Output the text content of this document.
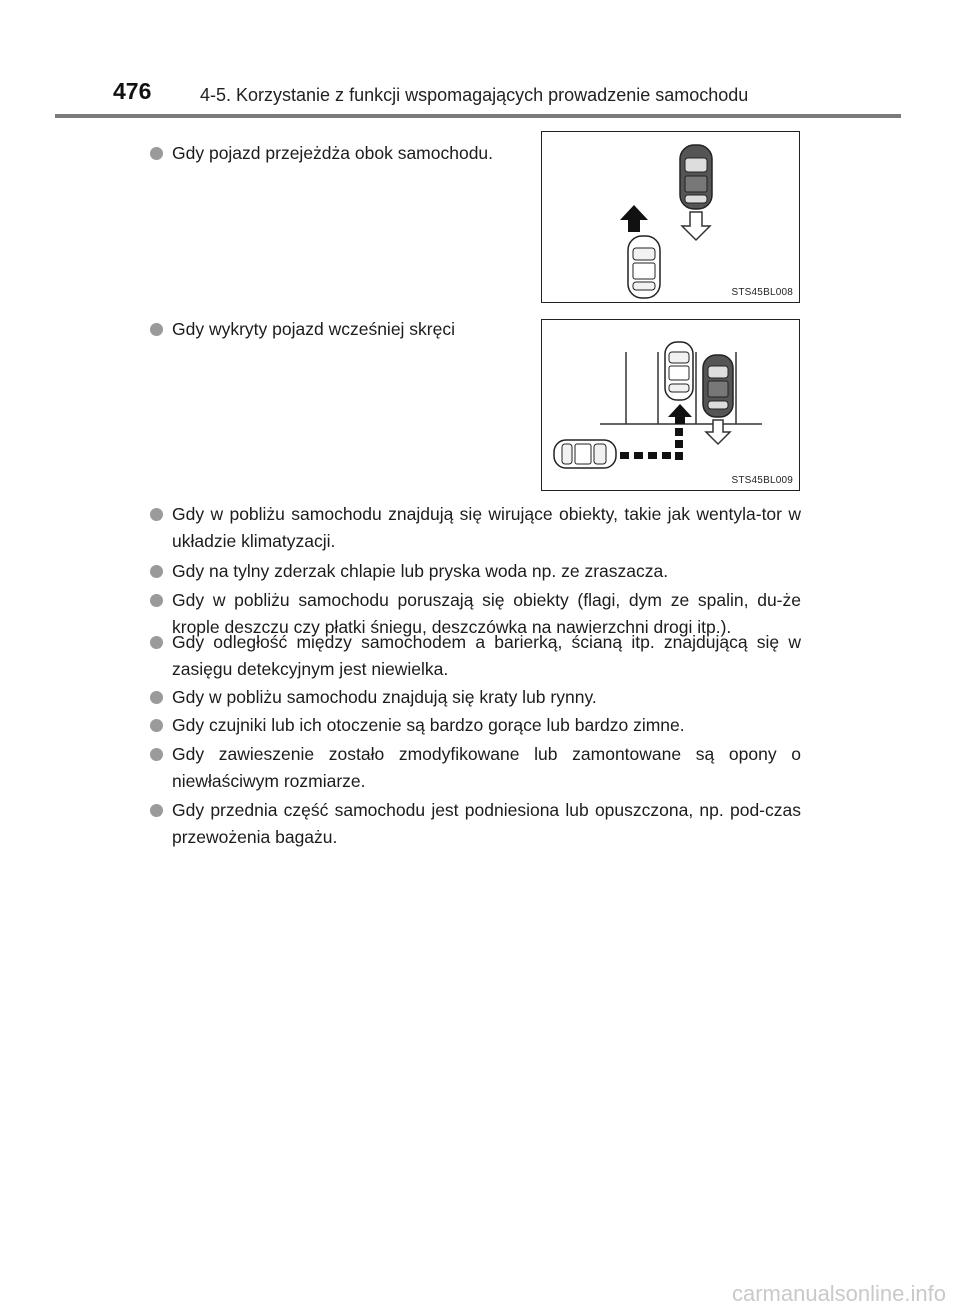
476	4-5. Korzystanie z funkcji wspomagających prowadzenie samochodu
Gdy pojazd przejeżdża obok samochodu.
STS45BL008
Gdy wykryty pojazd wcześniej skręci
STS45BL009
Gdy w pobliżu samochodu znajdują się wirujące obiekty, takie jak wentyla-tor w układzie klimatyzacji.
Gdy na tylny zderzak chlapie lub pryska woda np. ze zraszacza.
Gdy w pobliżu samochodu poruszają się obiekty (flagi, dym ze spalin, du-że krople deszczu czy płatki śniegu, deszczówka na nawierzchni drogi itp.).
Gdy odległość między samochodem a barierką, ścianą itp. znajdującą się w zasięgu detekcyjnym jest niewielka.
Gdy w pobliżu samochodu znajdują się kraty lub rynny.
Gdy czujniki lub ich otoczenie są bardzo gorące lub bardzo zimne.
Gdy zawieszenie zostało zmodyfikowane lub zamontowane są opony o niewłaściwym rozmiarze.
Gdy przednia część samochodu jest podniesiona lub opuszczona, np. pod-czas przewożenia bagażu.
carmanualsonline.info
